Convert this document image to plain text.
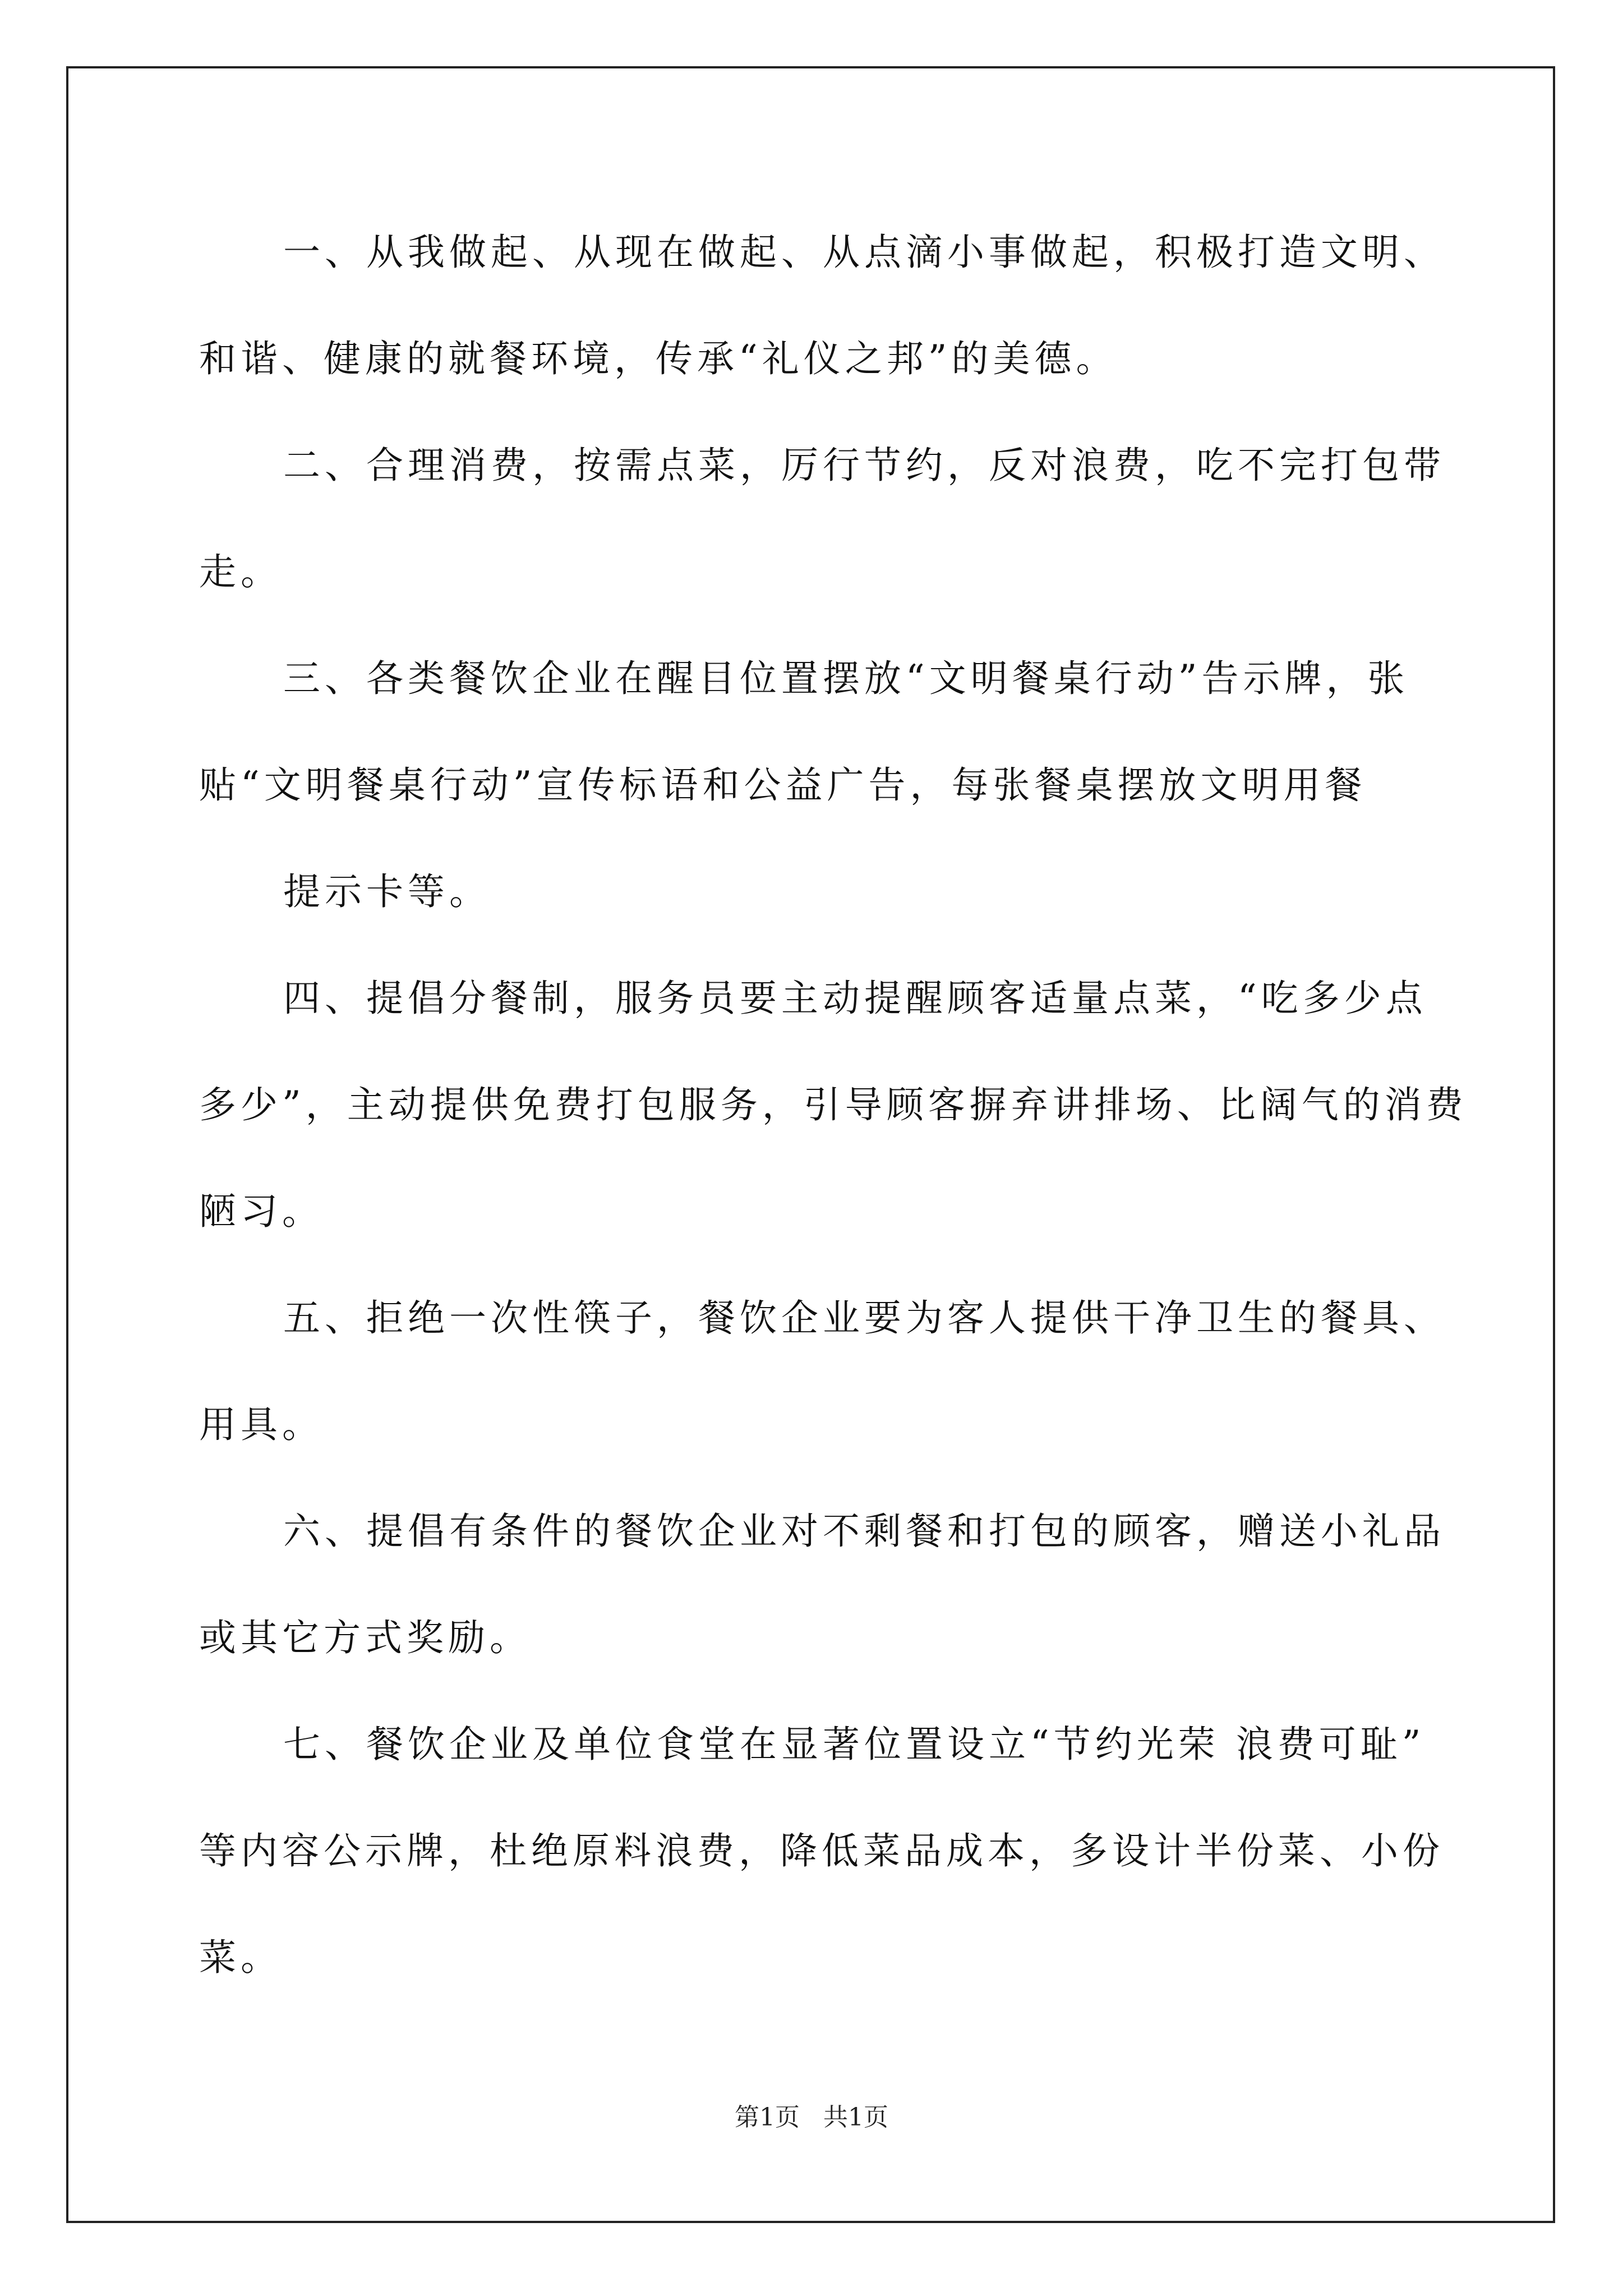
一、从我做起、从现在做起、从点滴小事做起，积极打造文明、
和谐、健康的就餐环境，传承“礼仪之邦”的美德。
二、合理消费，按需点菜，厉行节约，反对浪费，吃不完打包带
走。
三、各类餐饮企业在醒目位置摆放“文明餐桌行动”告示牌，张
贴“文明餐桌行动”宣传标语和公益广告，每张餐桌摆放文明用餐
提示卡等。
四、提倡分餐制，服务员要主动提醒顾客适量点菜，“吃多少点
多少”，主动提供免费打包服务，引导顾客摒弃讲排场、比阔气的消费
陋习。
五、拒绝一次性筷子，餐饮企业要为客人提供干净卫生的餐具、
用具。
六、提倡有条件的餐饮企业对不剩餐和打包的顾客，赠送小礼品
或其它方式奖励。
七、餐饮企业及单位食堂在显著位置设立“节约光荣 浪费可耻”
等内容公示牌，杜绝原料浪费，降低菜品成本，多设计半份菜、小份
菜。
第1页 共1页
